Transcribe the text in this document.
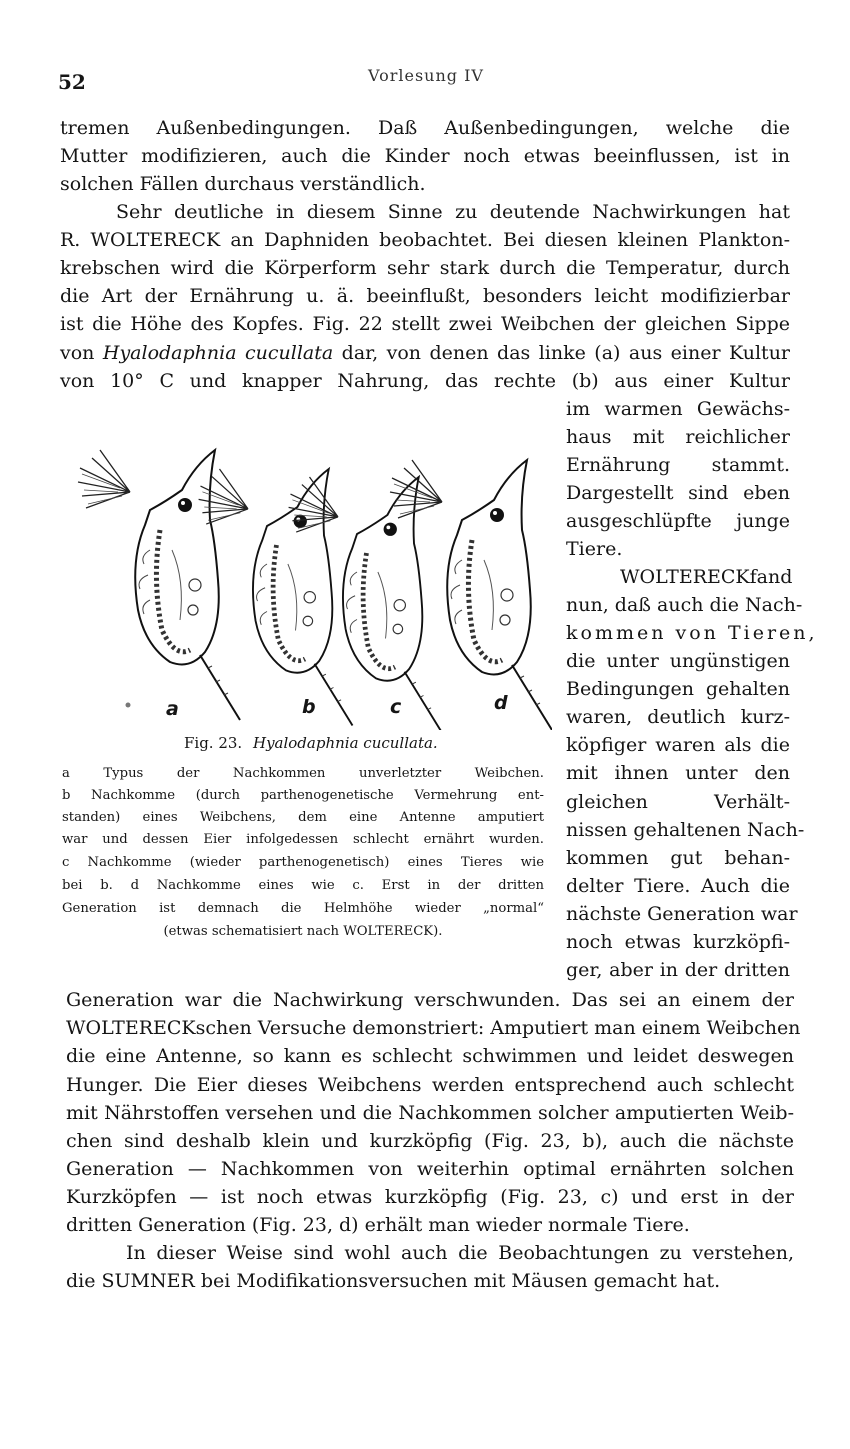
52	Vorlesung IV
tremen Außenbedingungen. Daß Außenbedingungen, welche die
Mutter modifizieren, auch die Kinder noch etwas beeinflussen, ist in
solchen Fällen durchaus verständlich.
Sehr deutliche in diesem Sinne zu deutende Nachwirkungen hat
R. WOLTERECK an Daphniden beobachtet. Bei diesen kleinen Plankton-
krebschen wird die Körperform sehr stark durch die Temperatur, durch
die Art der Ernährung u. ä. beeinflußt, besonders leicht modifizierbar
ist die Höhe des Kopfes. Fig. 22 stellt zwei Weibchen der gleichen Sippe
von Hyalodaphnia cucullata dar, von denen das linke (a) aus einer Kultur
von 10° C und knapper Nahrung, das rechte (b) aus einer Kultur
im warmen Gewächs-
haus mit reichlicher
Ernährung stammt.
Dargestellt sind eben
ausgeschlüpfte junge
Tiere.
WOLTERECKfand
nun, daß auch die Nach-
kommen von Tieren,
die unter ungünstigen
Bedingungen gehalten
waren, deutlich kurz-
köpfiger waren als die
mit ihnen unter den
gleichen Verhält-
nissen gehaltenen Nach-
kommen gut behan-
delter Tiere. Auch die
nächste Generation war
noch etwas kurzköpfi-
ger, aber in der dritten
Generation war die Nachwirkung verschwunden. Das sei an einem der
WOLTERECKschen Versuche demonstriert: Amputiert man einem Weibchen
die eine Antenne, so kann es schlecht schwimmen und leidet deswegen
Hunger. Die Eier dieses Weibchens werden entsprechend auch schlecht
mit Nährstoffen versehen und die Nachkommen solcher amputierten Weib-
chen sind deshalb klein und kurzköpfig (Fig. 23, b), auch die nächste
Generation — Nachkommen von weiterhin optimal ernährten solchen
Kurzköpfen — ist noch etwas kurzköpfig (Fig. 23, c) und erst in der
dritten Generation (Fig. 23, d) erhält man wieder normale Tiere.
In dieser Weise sind wohl auch die Beobachtungen zu verstehen,
die SUMNER bei Modifikationsversuchen mit Mäusen gemacht hat.
a	b	c	d
Fig. 23. Hyalodaphnia cucullata.
a Typus der Nachkommen unverletzter Weibchen.
b Nachkomme (durch parthenogenetische Vermehrung ent-
standen) eines Weibchens, dem eine Antenne amputiert
war und dessen Eier infolgedessen schlecht ernährt wurden.
c Nachkomme (wieder parthenogenetisch) eines Tieres wie
bei b. d Nachkomme eines wie c. Erst in der dritten
Generation ist demnach die Helmhöhe wieder „normal“
(etwas schematisiert nach WOLTERECK).
